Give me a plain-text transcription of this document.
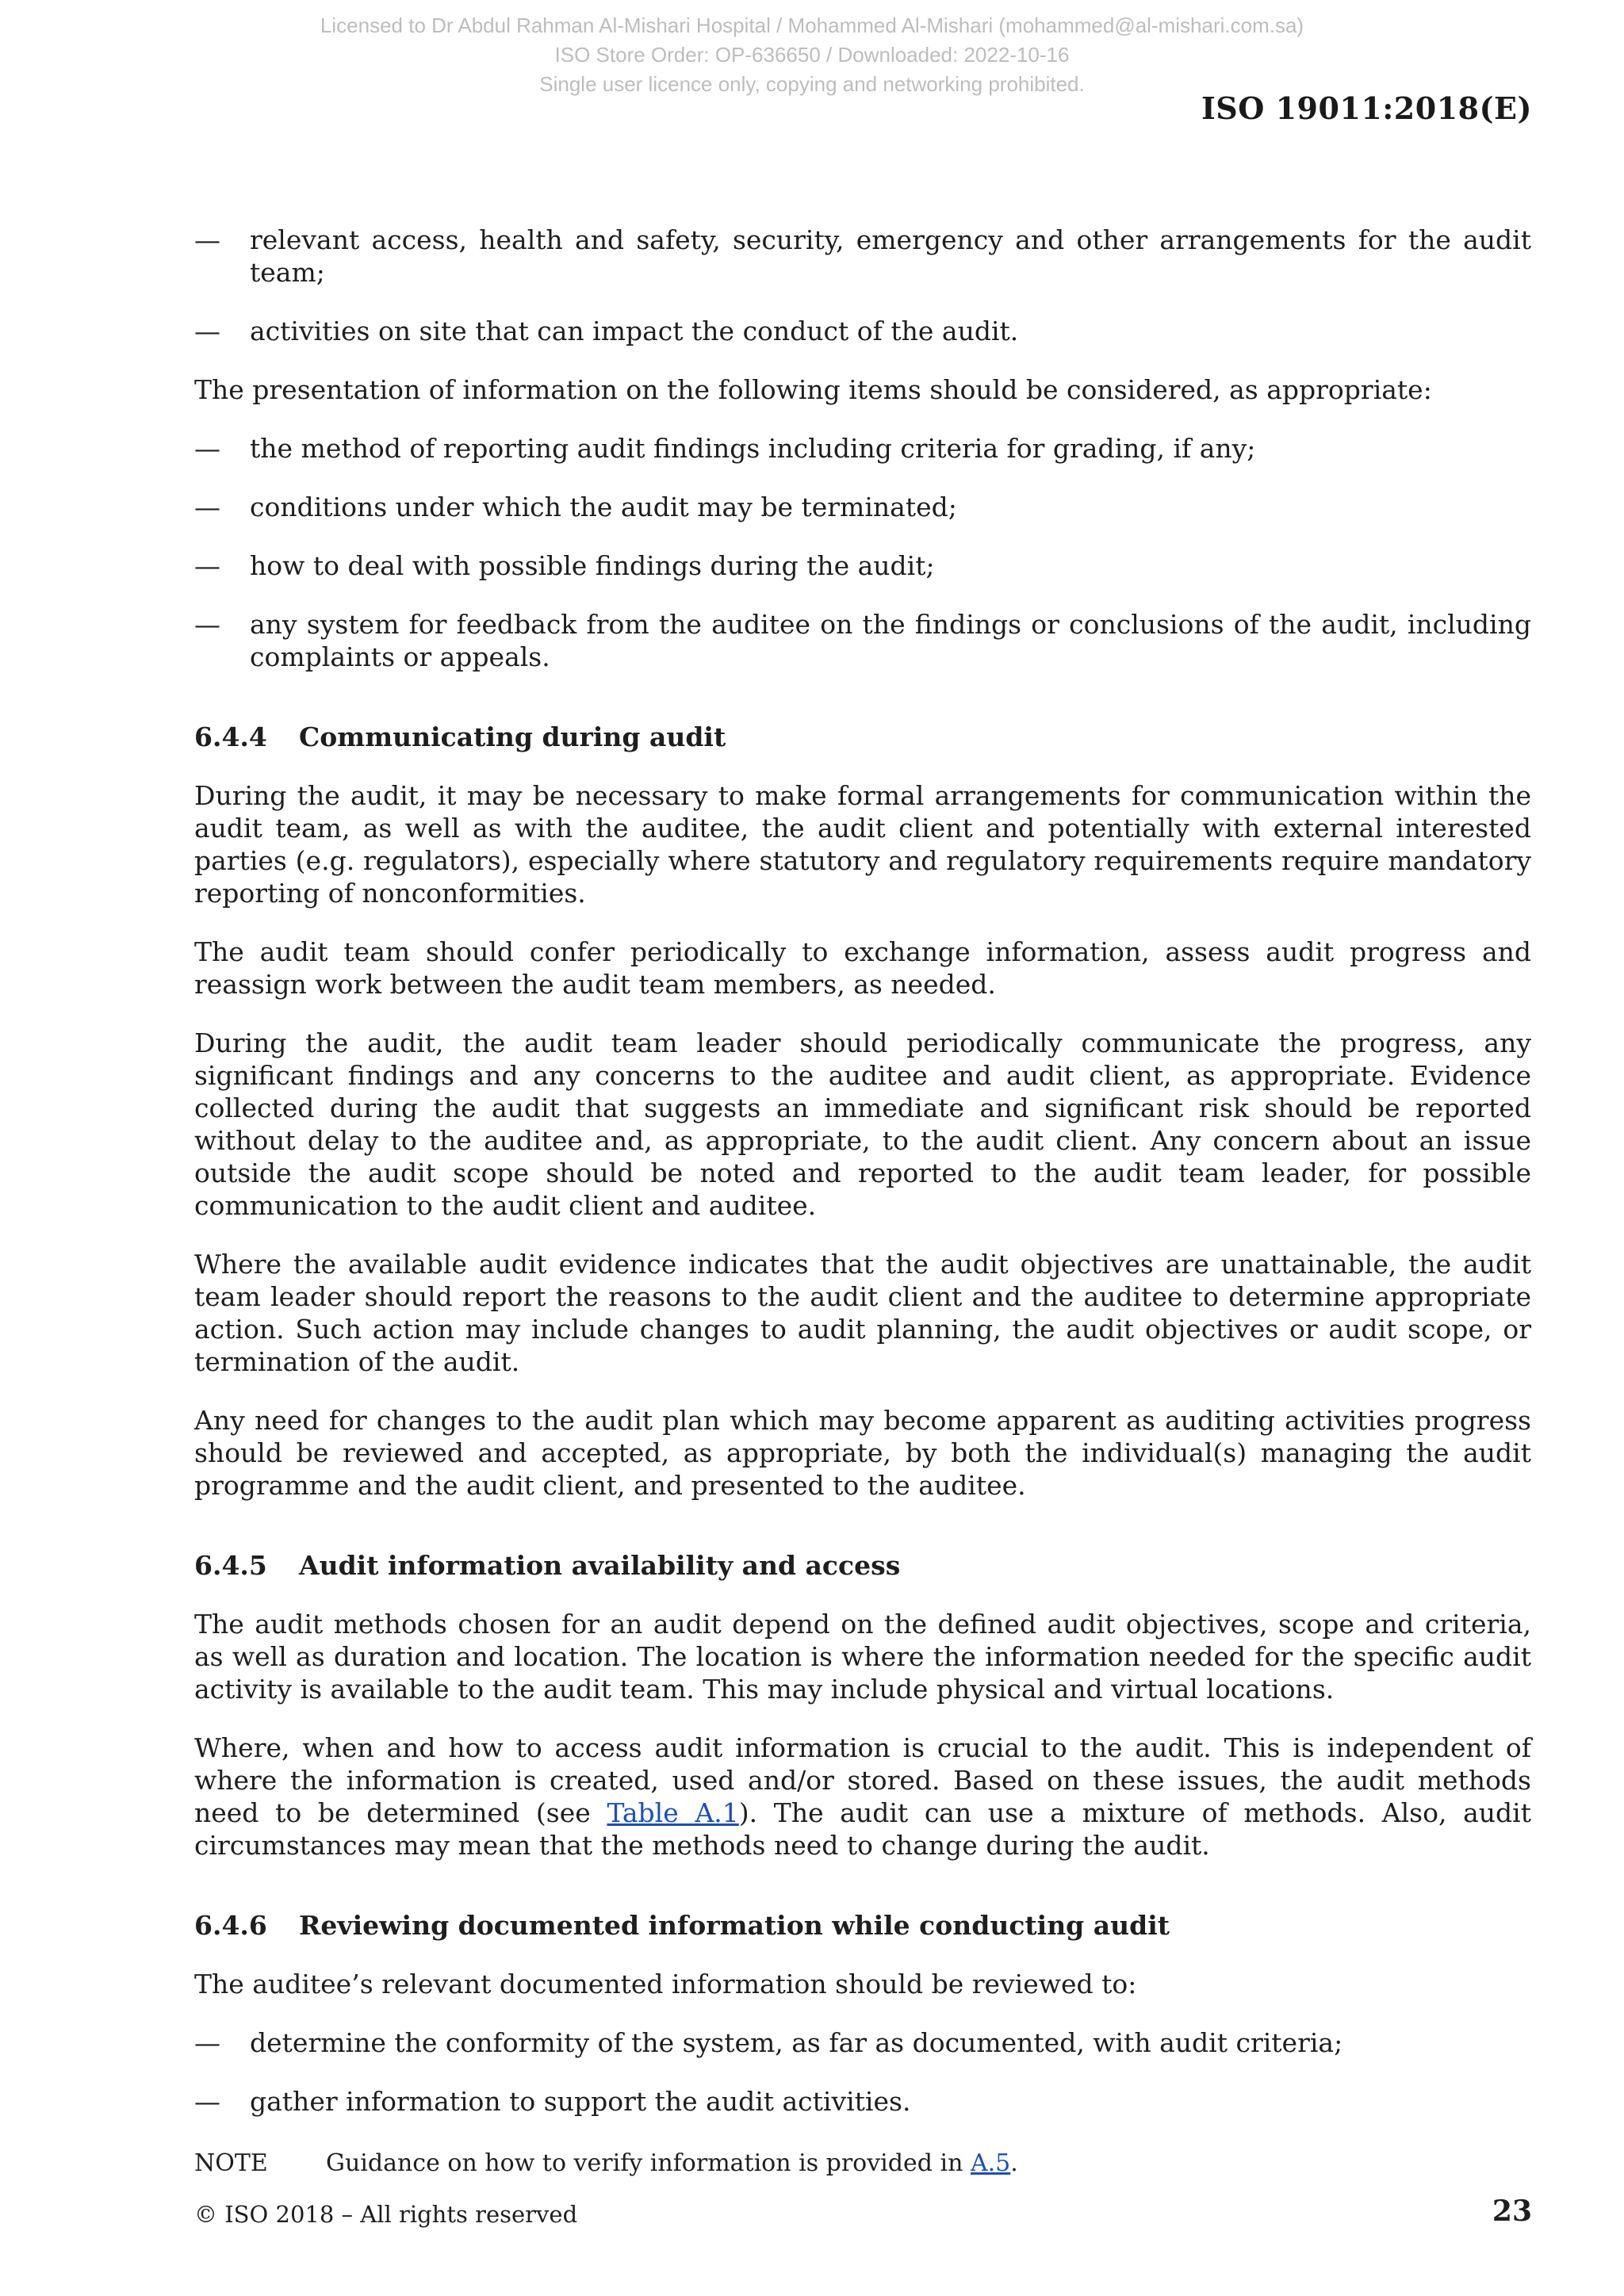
Licensed to Dr Abdul Rahman Al-Mishari Hospital / Mohammed Al-Mishari (mohammed@al-mishari.com.sa)
ISO Store Order: OP-636650 / Downloaded: 2022-10-16
Single user licence only, copying and networking prohibited.
ISO 19011:2018(E)
— relevant access, health and safety, security, emergency and other arrangements for the audit team;
— activities on site that can impact the conduct of the audit.

The presentation of information on the following items should be considered, as appropriate:

— the method of reporting audit findings including criteria for grading, if any;
— conditions under which the audit may be terminated;
— how to deal with possible findings during the audit;
— any system for feedback from the auditee on the findings or conclusions of the audit, including complaints or appeals.
6.4.4	Communicating during audit

During the audit, it may be necessary to make formal arrangements for communication within the audit team, as well as with the auditee, the audit client and potentially with external interested parties (e.g. regulators), especially where statutory and regulatory requirements require mandatory reporting of nonconformities.

The audit team should confer periodically to exchange information, assess audit progress and reassign work between the audit team members, as needed.

During the audit, the audit team leader should periodically communicate the progress, any significant findings and any concerns to the auditee and audit client, as appropriate. Evidence collected during the audit that suggests an immediate and significant risk should be reported without delay to the auditee and, as appropriate, to the audit client. Any concern about an issue outside the audit scope should be noted and reported to the audit team leader, for possible communication to the audit client and auditee.

Where the available audit evidence indicates that the audit objectives are unattainable, the audit team leader should report the reasons to the audit client and the auditee to determine appropriate action. Such action may include changes to audit planning, the audit objectives or audit scope, or termination of the audit.

Any need for changes to the audit plan which may become apparent as auditing activities progress should be reviewed and accepted, as appropriate, by both the individual(s) managing the audit programme and the audit client, and presented to the auditee.

6.4.5	Audit information availability and access

The audit methods chosen for an audit depend on the defined audit objectives, scope and criteria, as well as duration and location. The location is where the information needed for the specific audit activity is available to the audit team. This may include physical and virtual locations.

Where, when and how to access audit information is crucial to the audit. This is independent of where the information is created, used and/or stored. Based on these issues, the audit methods need to be determined (see Table A.1). The audit can use a mixture of methods. Also, audit circumstances may mean that the methods need to change during the audit.

6.4.6	Reviewing documented information while conducting audit

The auditee’s relevant documented information should be reviewed to:

— determine the conformity of the system, as far as documented, with audit criteria;
— gather information to support the audit activities.
NOTE	Guidance on how to verify information is provided in A.5.
© ISO 2018 – All rights reserved	23
